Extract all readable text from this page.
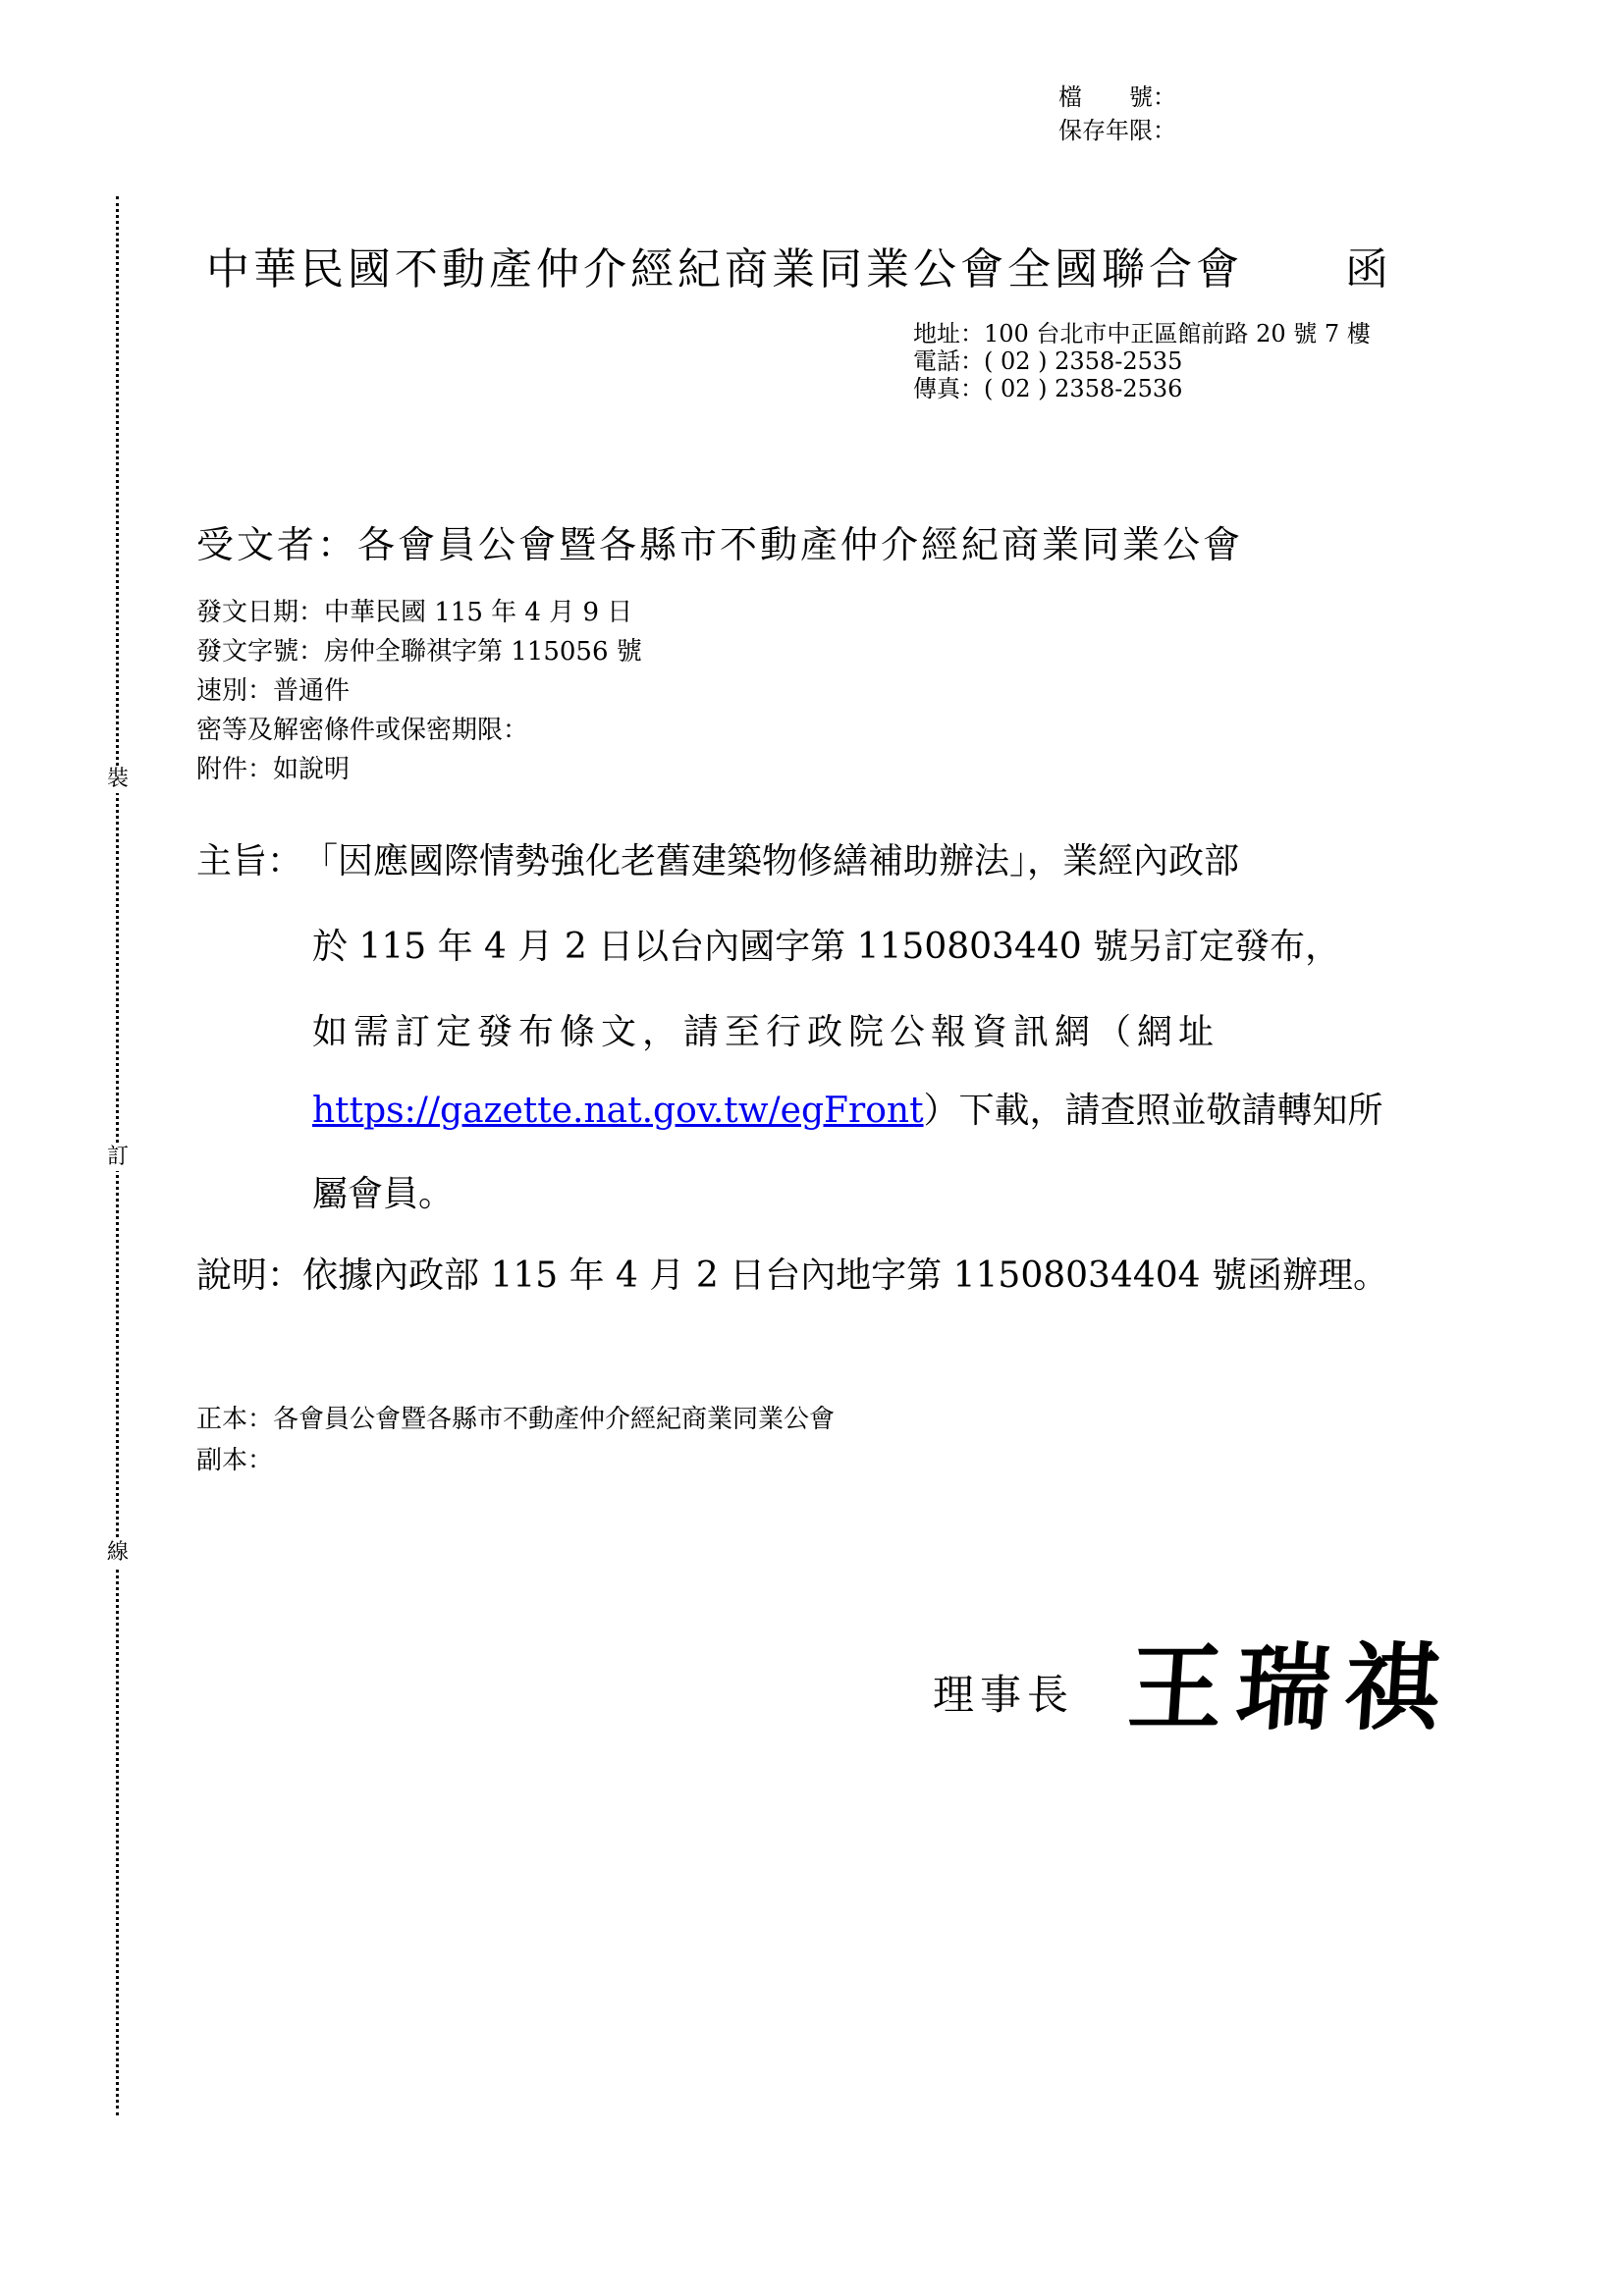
裝
訂
線
檔　　號：
保存年限：
中華民國不動產仲介經紀商業同業公會全國聯合會 函
地址：100 台北市中正區館前路 20 號 7 樓
電話：( 02 ) 2358-2535
傳真：( 02 ) 2358-2536
受文者：各會員公會暨各縣市不動產仲介經紀商業同業公會
發文日期：中華民國 115 年 4 月 9 日
發文字號：房仲全聯祺字第 115056 號
速別：普通件
密等及解密條件或保密期限：
附件：如說明
主旨： 「因應國際情勢強化老舊建築物修繕補助辦法」，業經內政部
於 115 年 4 月 2 日以台內國字第 1150803440 號另訂定發布，
如需訂定發布條文，請至行政院公報資訊網（網址
https://gazette.nat.gov.tw/egFront）下載，請查照並敬請轉知所
屬會員。
說明：依據內政部 115 年 4 月 2 日台內地字第 11508034404 號函辦理。
正本：各會員公會暨各縣市不動產仲介經紀商業同業公會
副本：
理事長 王瑞祺
